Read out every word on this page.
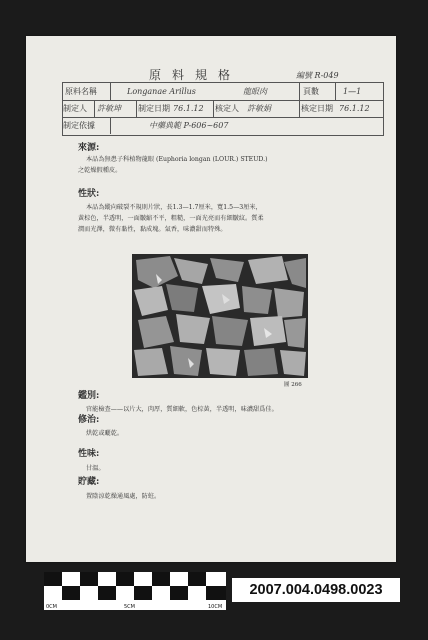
原料規格	編號 R-049
原料名稱	Longanae Arillus	龍眼肉	頁數	1—1
制定人	許敏坤	制定日期 76.1.12	核定人	許敏娟	核定日期 76.1.12
制定依據	中藥典範 P-606~607
來源:
本品為無患子科植物龍眼 (Euphoria longan (LOUR.) STEUD.)
之乾燥假種皮。
性狀:
本品為縱向破裂不規則片狀，長1.3—1.7厘米，寬1.5—3厘米，
黃棕色，半透明，一面皺縮不平，粗糙，一面光亮而有細皺紋。質柔
潤而光澤，微有黏性，黏成塊。氣香，味濃甜而特殊。
圖 266
鑑別:
官能檢查——以片大，肉厚，質細軟，色棕黃，半透明，味濃甜爲佳。
修治:
烘乾或曬乾。
性味:
甘溫。
貯藏:
置陰涼乾燥通風處，防蛀。
0CM	5CM	10CM
2007.004.0498.0023
